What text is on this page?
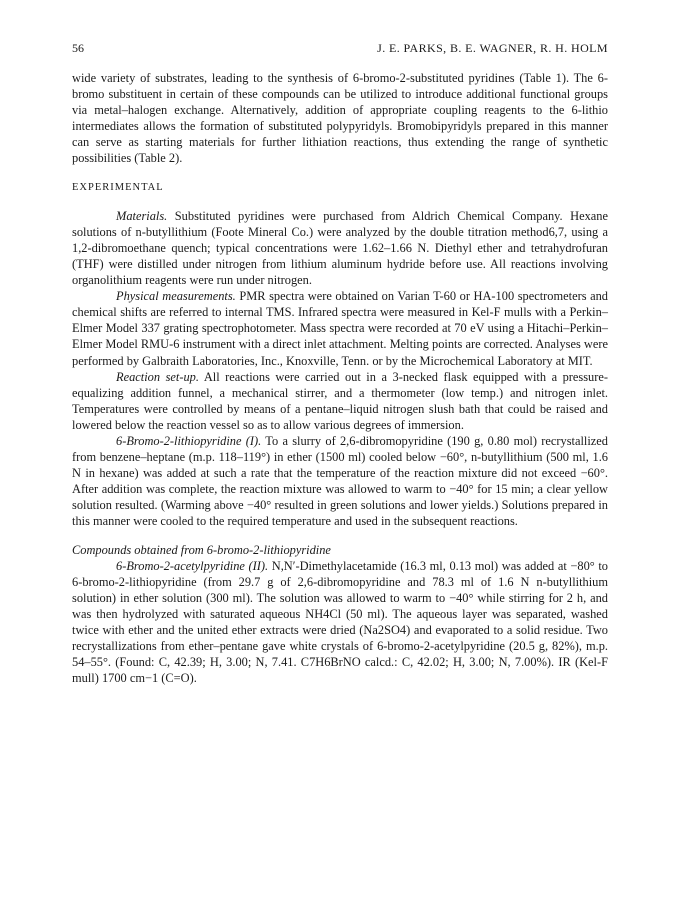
56	J. E. PARKS, B. E. WAGNER, R. H. HOLM

wide variety of substrates, leading to the synthesis of 6-bromo-2-substituted pyridines (Table 1). The 6-bromo substituent in certain of these compounds can be utilized to introduce additional functional groups via metal–halogen exchange. Alternatively, addition of appropriate coupling reagents to the 6-lithio intermediates allows the formation of substituted polypyridyls. Bromobipyridyls prepared in this manner can serve as starting materials for further lithiation reactions, thus extending the range of synthetic possibilities (Table 2).

EXPERIMENTAL

Materials. Substituted pyridines were purchased from Aldrich Chemical Company. Hexane solutions of n-butyllithium (Foote Mineral Co.) were analyzed by the double titration method6,7, using a 1,2-dibromoethane quench; typical concentrations were 1.62–1.66 N. Diethyl ether and tetrahydrofuran (THF) were distilled under nitrogen from lithium aluminum hydride before use. All reactions involving organolithium reagents were run under nitrogen.

Physical measurements. PMR spectra were obtained on Varian T-60 or HA-100 spectrometers and chemical shifts are referred to internal TMS. Infrared spectra were measured in Kel-F mulls with a Perkin–Elmer Model 337 grating spectrophotometer. Mass spectra were recorded at 70 eV using a Hitachi–Perkin–Elmer Model RMU-6 instrument with a direct inlet attachment. Melting points are corrected. Analyses were performed by Galbraith Laboratories, Inc., Knoxville, Tenn. or by the Microchemical Laboratory at MIT.

Reaction set-up. All reactions were carried out in a 3-necked flask equipped with a pressure-equalizing addition funnel, a mechanical stirrer, and a thermometer (low temp.) and nitrogen inlet. Temperatures were controlled by means of a pentane–liquid nitrogen slush bath that could be raised and lowered below the reaction vessel so as to allow various degrees of immersion.

6-Bromo-2-lithiopyridine (I). To a slurry of 2,6-dibromopyridine (190 g, 0.80 mol) recrystallized from benzene–heptane (m.p. 118–119°) in ether (1500 ml) cooled below −60°, n-butyllithium (500 ml, 1.6 N in hexane) was added at such a rate that the temperature of the reaction mixture did not exceed −60°. After addition was complete, the reaction mixture was allowed to warm to −40° for 15 min; a clear yellow solution resulted. (Warming above −40° resulted in green solutions and lower yields.) Solutions prepared in this manner were cooled to the required temperature and used in the subsequent reactions.

Compounds obtained from 6-bromo-2-lithiopyridine

6-Bromo-2-acetylpyridine (II). N,N′-Dimethylacetamide (16.3 ml, 0.13 mol) was added at −80° to 6-bromo-2-lithiopyridine (from 29.7 g of 2,6-dibromopyridine and 78.3 ml of 1.6 N n-butyllithium solution) in ether solution (300 ml). The solution was allowed to warm to −40° while stirring for 2 h, and was then hydrolyzed with saturated aqueous NH4Cl (50 ml). The aqueous layer was separated, washed twice with ether and the united ether extracts were dried (Na2SO4) and evaporated to a solid residue. Two recrystallizations from ether–pentane gave white crystals of 6-bromo-2-acetylpyridine (20.5 g, 82%), m.p. 54–55°. (Found: C, 42.39; H, 3.00; N, 7.41. C7H6BrNO calcd.: C, 42.02; H, 3.00; N, 7.00%). IR (Kel-F mull) 1700 cm−1 (C=O).
